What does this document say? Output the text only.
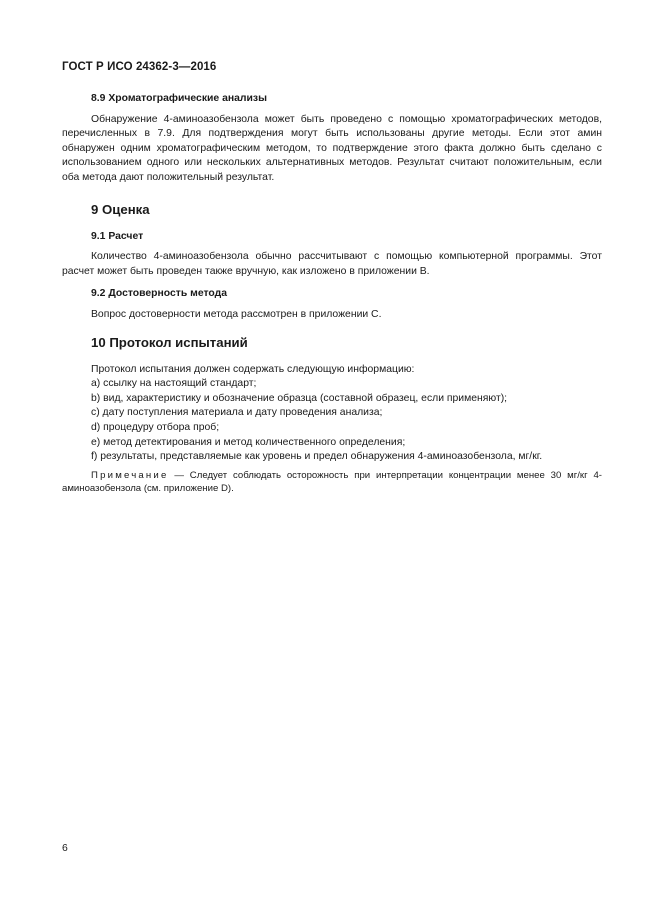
ГОСТ Р ИСО 24362-3—2016

8.9 Хроматографические анализы

Обнаружение 4-аминоазобензола может быть проведено с помощью хроматографических методов, перечисленных в 7.9. Для подтверждения могут быть использованы другие методы. Если этот амин обнаружен одним хроматографическим методом, то подтверждение этого факта должно быть сделано с использованием одного или нескольких альтернативных методов. Результат считают положительным, если оба метода дают положительный результат.

9 Оценка

9.1 Расчет

Количество 4-аминоазобензола обычно рассчитывают с помощью компьютерной программы. Этот расчет может быть проведен также вручную, как изложено в приложении В.

9.2 Достоверность метода

Вопрос достоверности метода рассмотрен в приложении С.

10 Протокол испытаний

Протокол испытания должен содержать следующую информацию:

a) ссылку на настоящий стандарт;

b) вид, характеристику и обозначение образца (составной образец, если применяют);

c) дату поступления материала и дату проведения анализа;

d) процедуру отбора проб;

e) метод детектирования и метод количественного определения;

f) результаты, представляемые как уровень и предел обнаружения 4-аминоазобензола, мг/кг.

Примечание — Следует соблюдать осторожность при интерпретации концентрации менее 30 мг/кг 4-аминоазобензола (см. приложение D).

6
